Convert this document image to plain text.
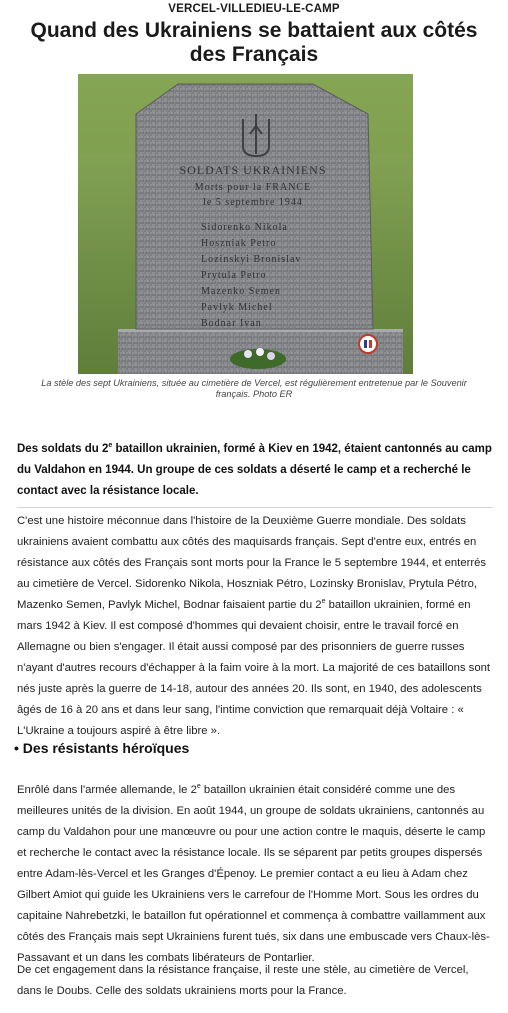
VERCEL-VILLEDIEU-LE-CAMP
Quand des Ukrainiens se battaient aux côtés des Français
SOLDATS UKRAINIENS
Morts pour la FRANCE
le 5 septembre 1944
Sidorenko Nikola
Hoszniak Petro
Lozinskyi Bronislav
Prytula Petro
Mazenko Semen
Pavlyk Michel
Bodnar Ivan

La stèle des sept Ukrainiens, située au cimetière de Vercel, est régulièrement entretenue par le Souvenir français. Photo ER

Des soldats du 2e bataillon ukrainien, formé à Kiev en 1942, étaient cantonnés au camp du Valdahon en 1944. Un groupe de ces soldats a déserté le camp et a recherché le contact avec la résistance locale.

C'est une histoire méconnue dans l'histoire de la Deuxième Guerre mondiale. Des soldats ukrainiens avaient combattu aux côtés des maquisards français. Sept d'entre eux, entrés en résistance aux côtés des Français sont morts pour la France le 5 septembre 1944, et enterrés au cimetière de Vercel. Sidorenko Nikola, Hoszniak Pétro, Lozinsky Bronislav, Prytula Pétro, Mazenko Semen, Pavlyk Michel, Bodnar faisaient partie du 2e bataillon ukrainien, formé en mars 1942 à Kiev. Il est composé d'hommes qui devaient choisir, entre le travail forcé en Allemagne ou bien s'engager. Il était aussi composé par des prisonniers de guerre russes n'ayant d'autres recours d'échapper à la faim voire à la mort. La majorité de ces bataillons sont nés juste après la guerre de 14-18, autour des années 20. Ils sont, en 1940, des adolescents âgés de 16 à 20 ans et dans leur sang, l'intime conviction que remarquait déjà Voltaire : « L'Ukraine a toujours aspiré à être libre ».

• Des résistants héroïques

Enrôlé dans l'armée allemande, le 2e bataillon ukrainien était considéré comme une des meilleures unités de la division. En août 1944, un groupe de soldats ukrainiens, cantonnés au camp du Valdahon pour une manœuvre ou pour une action contre le maquis, déserte le camp et recherche le contact avec la résistance locale. Ils se séparent par petits groupes dispersés entre Adam-lès-Vercel et les Granges d'Épenoy. Le premier contact a eu lieu à Adam chez Gilbert Amiot qui guide les Ukrainiens vers le carrefour de l'Homme Mort. Sous les ordres du capitaine Nahrebetzki, le bataillon fut opérationnel et commença à combattre vaillamment aux côtés des Français mais sept Ukrainiens furent tués, six dans une embuscade vers Chaux-lès-Passavant et un dans les combats libérateurs de Pontarlier.

De cet engagement dans la résistance française, il reste une stèle, au cimetière de Vercel, dans le Doubs. Celle des soldats ukrainiens morts pour la France.
